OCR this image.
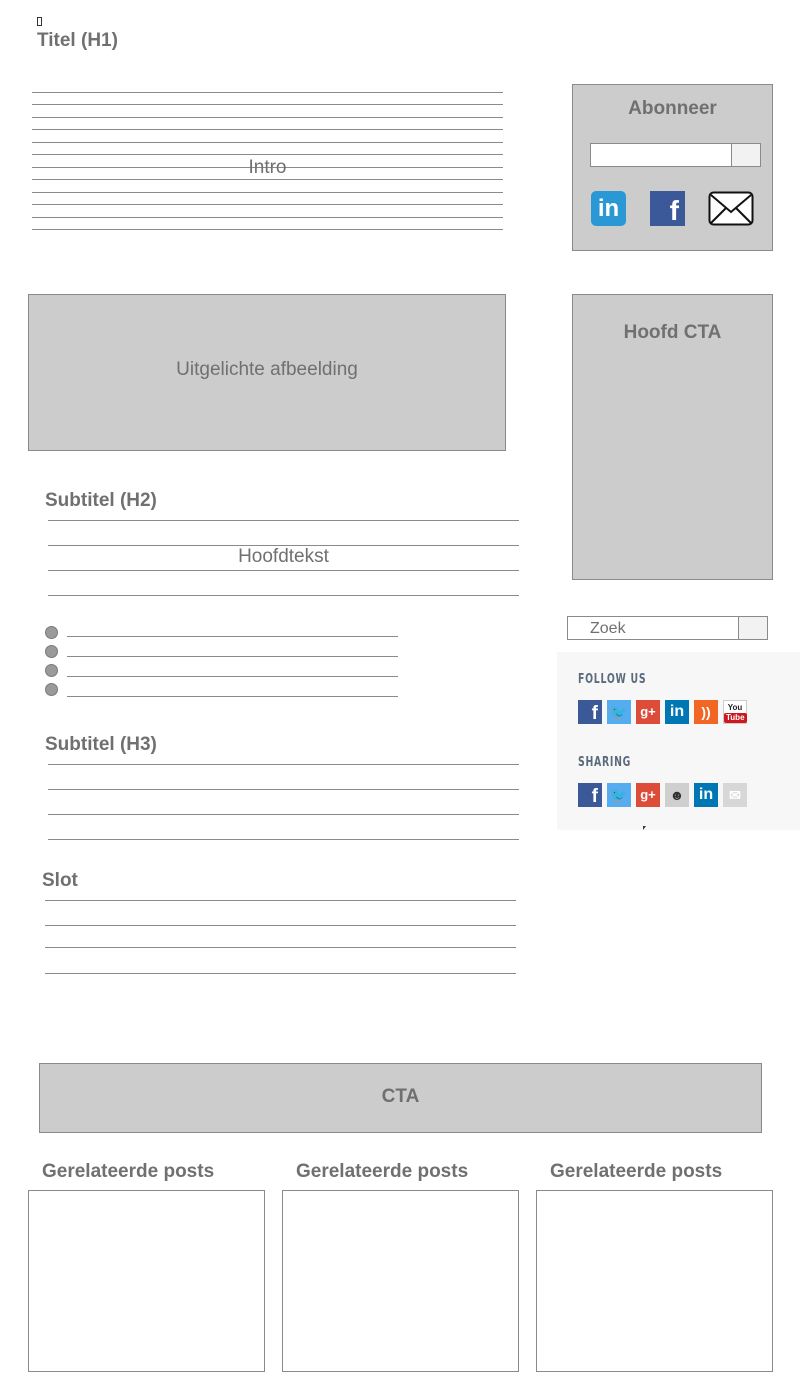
Titel (H1)
Intro
Abonneer
in	f
Uitgelichte afbeelding
Hoofd CTA
Subtitel (H2)
Hoofdtekst
Subtitel (H3)
Slot
Zoek
FOLLOW US
f 🐦 g+ in	))	You
Tube
SHARING
f 🐦 g+ ☻ in	✉
CTA
Gerelateerde posts	Gerelateerde posts	Gerelateerde posts
